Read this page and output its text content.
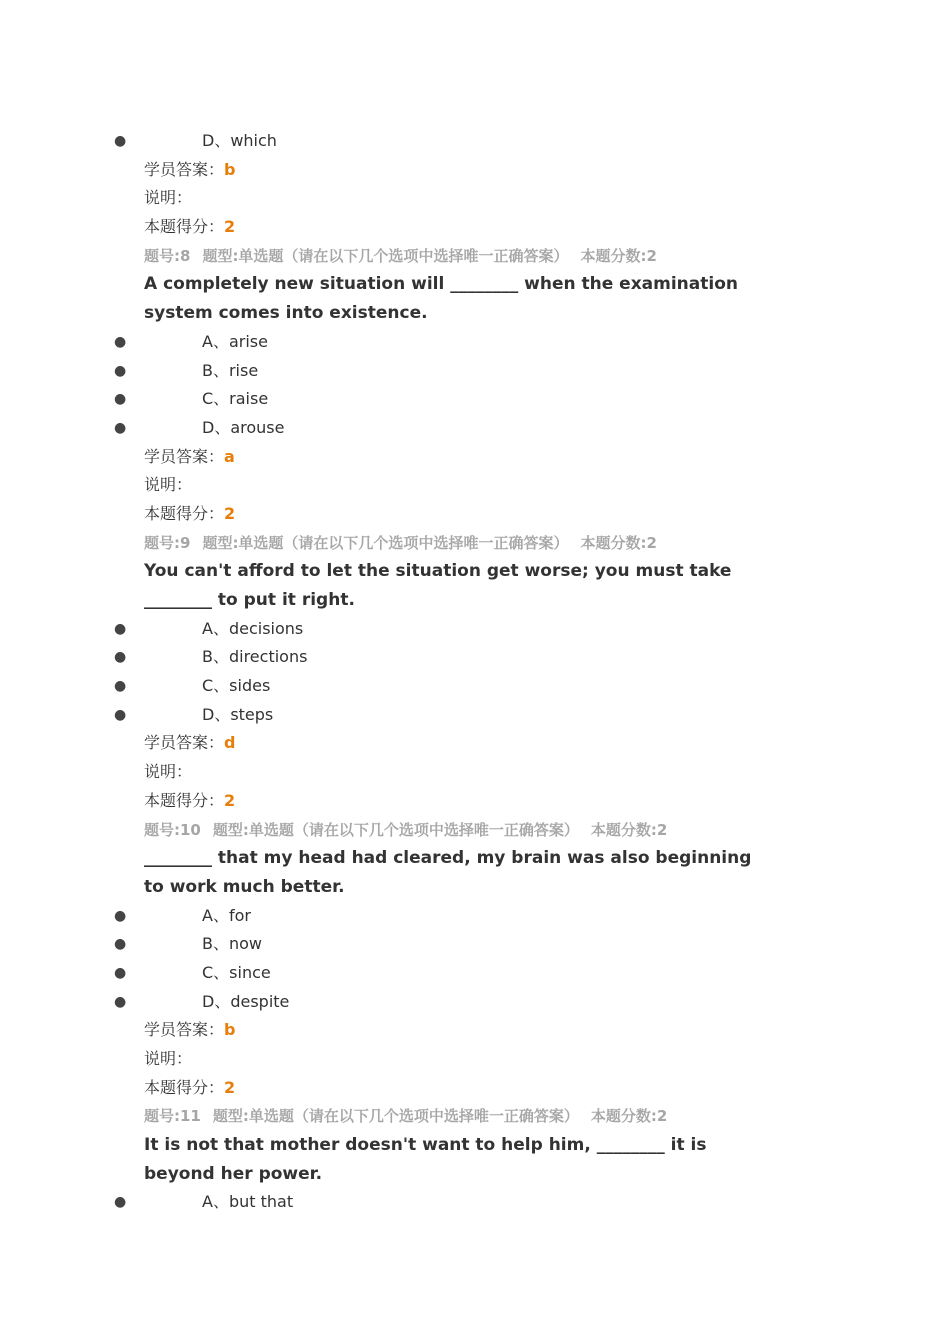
●	D、which
学员答案：b
说明：
本题得分：2
题号:8 题型:单选题（请在以下几个选项中选择唯一正确答案） 本题分数:2
A completely new situation will ________ when the examination
system comes into existence.
●	A、arise
●	B、rise
●	C、raise
●	D、arouse
学员答案：a
说明：
本题得分：2
题号:9 题型:单选题（请在以下几个选项中选择唯一正确答案） 本题分数:2
You can't afford to let the situation get worse; you must take
________ to put it right.
●	A、decisions
●	B、directions
●	C、sides
●	D、steps
学员答案：d
说明：
本题得分：2
题号:10 题型:单选题（请在以下几个选项中选择唯一正确答案） 本题分数:2
________ that my head had cleared, my brain was also beginning
to work much better.
●	A、for
●	B、now
●	C、since
●	D、despite
学员答案：b
说明：
本题得分：2
题号:11 题型:单选题（请在以下几个选项中选择唯一正确答案） 本题分数:2
It is not that mother doesn't want to help him, ________ it is
beyond her power.
●	A、but that
